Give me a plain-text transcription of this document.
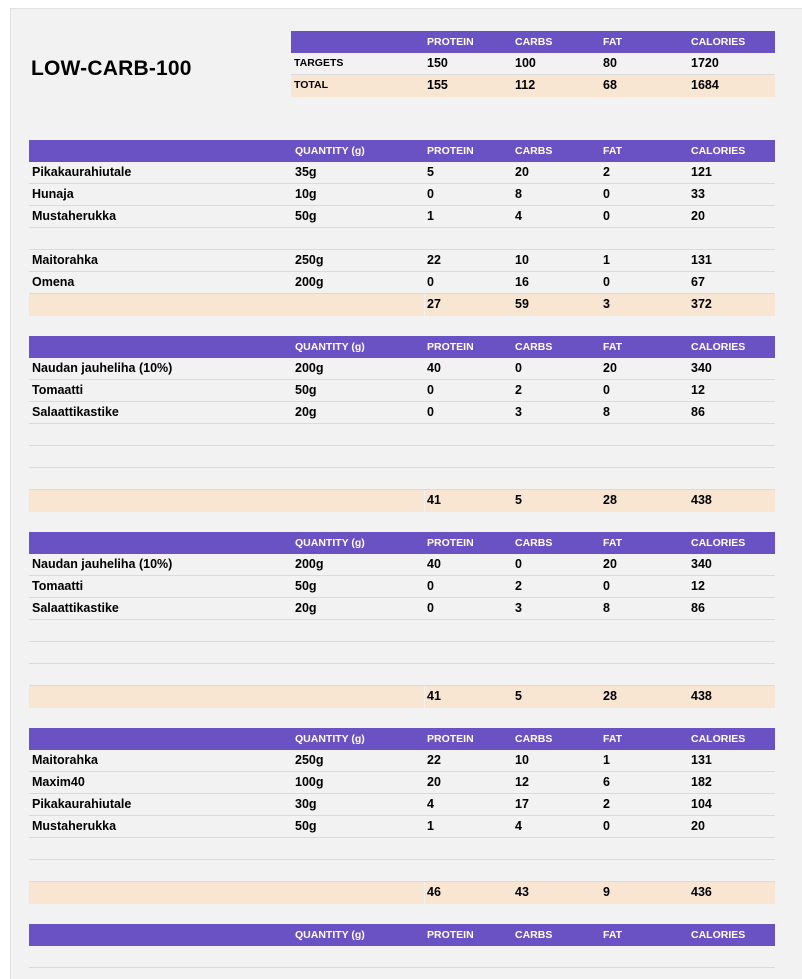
LOW-CARB-100
PROTEIN	CARBS	FAT	CALORIES
TARGETS	150	100	80	1720
TOTAL	155	112	68	1684
QUANTITY (g)	PROTEIN	CARBS	FAT	CALORIES
Pikakaurahiutale	35g	5	20	2	121
Hunaja	10g	0	8	0	33
Mustaherukka	50g	1	4	0	20
Maitorahka	250g	22	10	1	131
Omena	200g	0	16	0	67
27	59	3	372
QUANTITY (g)	PROTEIN	CARBS	FAT	CALORIES
Naudan jauheliha (10%)	200g	40	0	20	340
Tomaatti	50g	0	2	0	12
Salaattikastike	20g	0	3	8	86
41	5	28	438
QUANTITY (g)	PROTEIN	CARBS	FAT	CALORIES
Naudan jauheliha (10%)	200g	40	0	20	340
Tomaatti	50g	0	2	0	12
Salaattikastike	20g	0	3	8	86
41	5	28	438
QUANTITY (g)	PROTEIN	CARBS	FAT	CALORIES
Maitorahka	250g	22	10	1	131
Maxim40	100g	20	12	6	182
Pikakaurahiutale	30g	4	17	2	104
Mustaherukka	50g	1	4	0	20
46	43	9	436
QUANTITY (g)	PROTEIN	CARBS	FAT	CALORIES
